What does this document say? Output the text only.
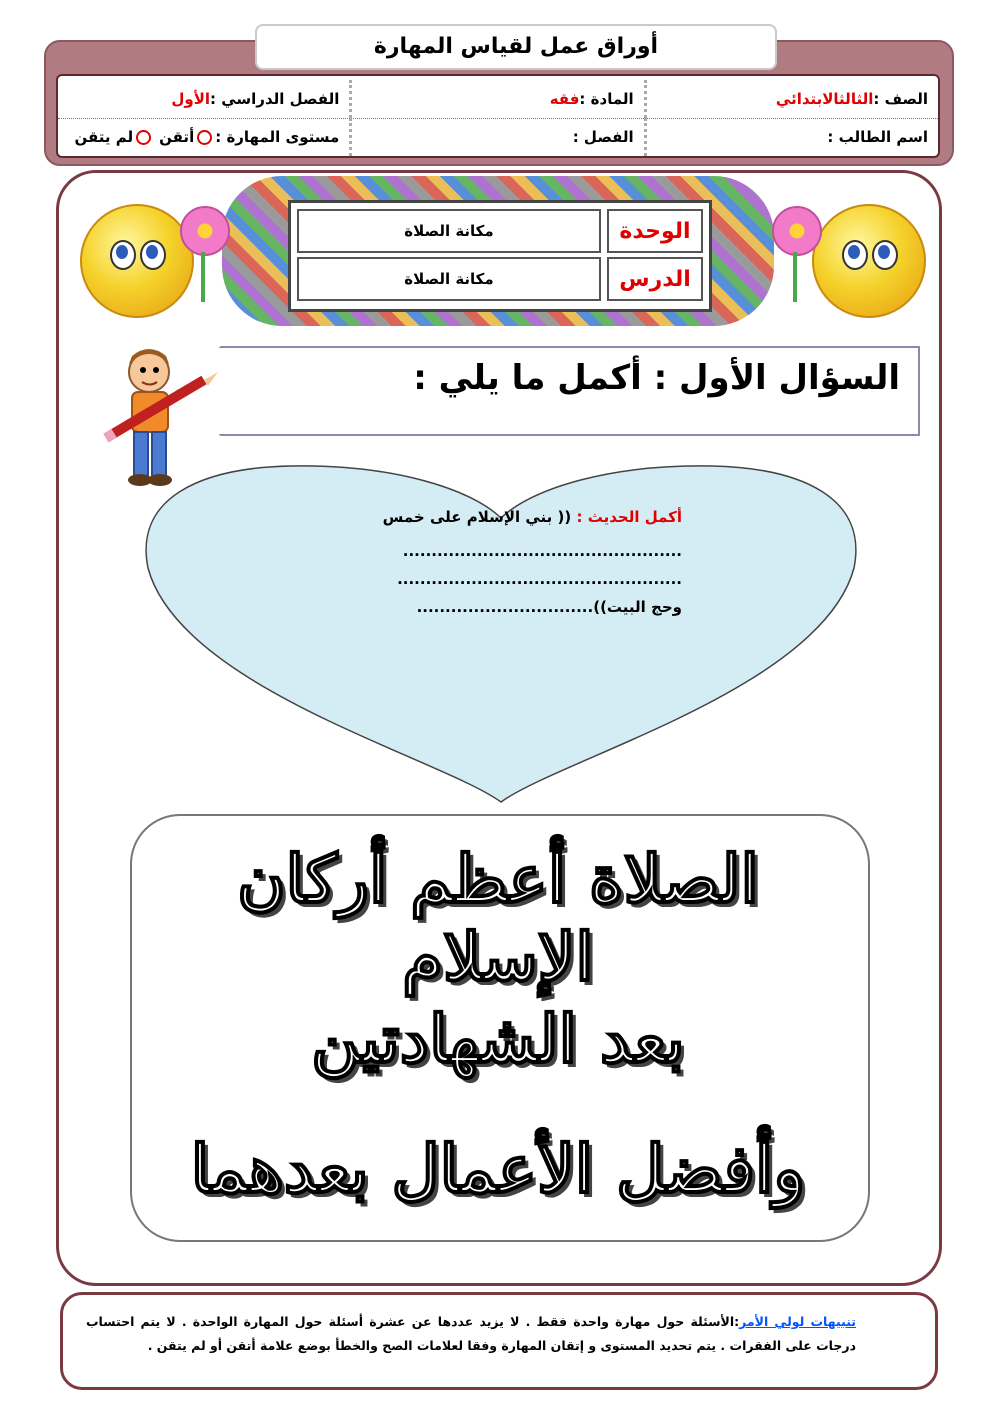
أوراق عمل لقياس المهارة
الصف :
الثالثالابتدائي
المادة :
فقه
الفصل الدراسي :
الأول
اسم الطالب :
الفصل :
مستوى المهارة :
أتقن
لم يتقن
الوحدة
مكانة الصلاة
الدرس
مكانة الصلاة
السؤال الأول : أكمل ما يلي :
أكمل الحديث : (( بني الإسلام على خمس
.................................................
..................................................
وحج البيت))...............................
الصلاة أعظم أركان الإسلام
بعد الشهادتين
وأفضل الأعمال بعدهما
تنبيهات لولي الأمر:الأسئلة حول مهارة واحدة فقط . لا يزيد عددها عن عشرة أسئلة حول المهارة الواحدة . لا يتم احتساب درجات على الفقرات . يتم تحديد المستوى و إتقان المهارة وفقا لعلامات الصح والخطأ بوضع علامة أتقن أو لم يتقن .
